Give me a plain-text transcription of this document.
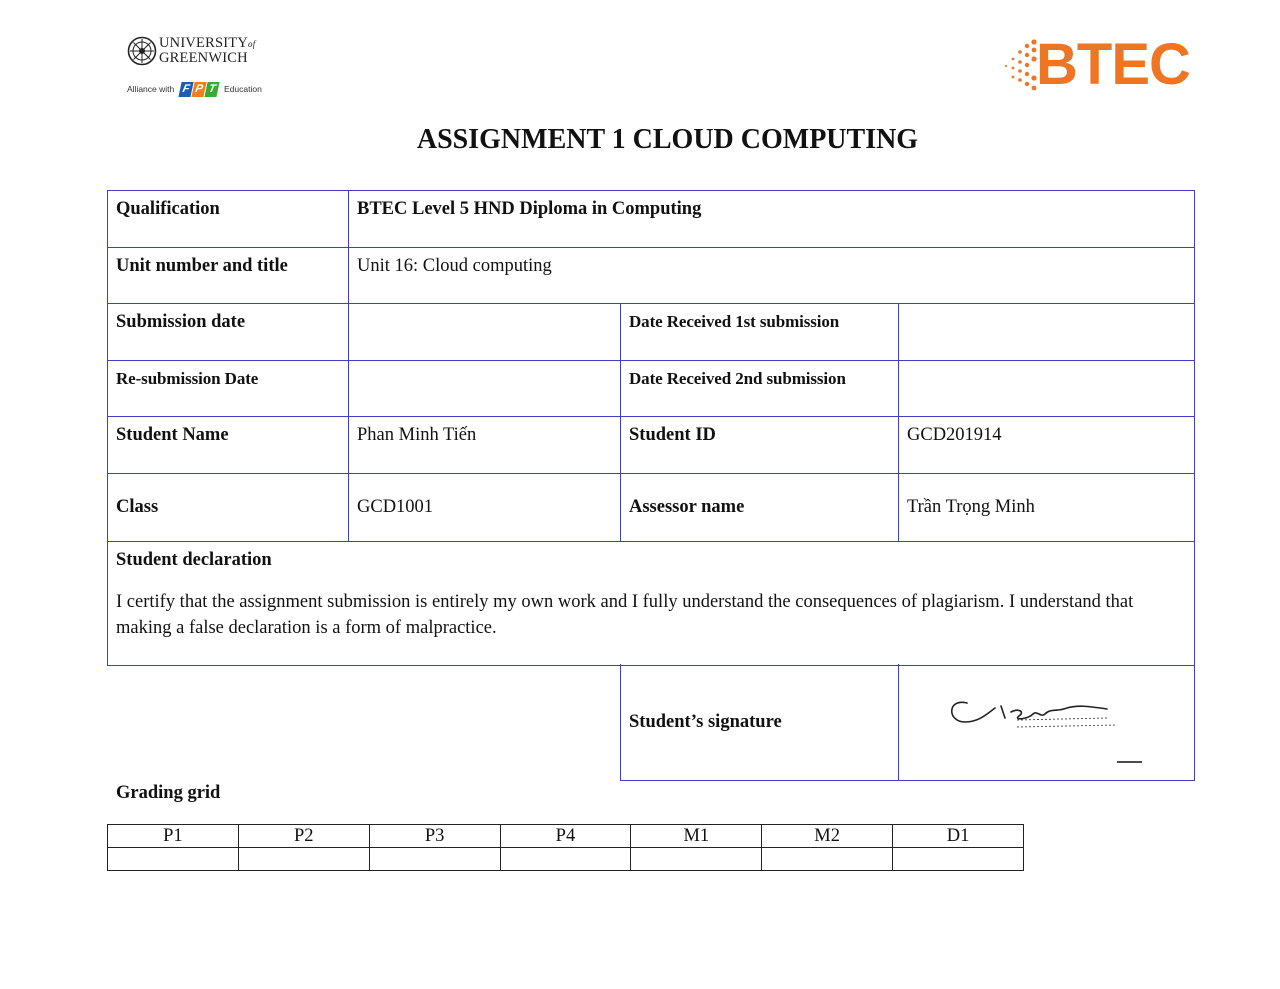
UNIVERSITYof
GREENWICH
Alliance with F P T Education	BTEC
ASSIGNMENT 1 CLOUD COMPUTING
Qualification	BTEC Level 5 HND Diploma in Computing		
Unit number and title	Unit 16: Cloud computing		
Submission date		Date Received 1st submission	
Re-submission Date		Date Received 2nd submission	
Student Name	Phan Minh Tiến	Student ID	GCD201914
Class	GCD1001	Assessor name	Trần Trọng Minh

Student declaration
I certify that the assignment submission is entirely my own work and I fully understand the consequences of plagiarism. I understand that making a false declaration is a form of malpractice.			
Student’s signature	
Grading grid
P1	P2	P3	P4	M1	M2	D1
